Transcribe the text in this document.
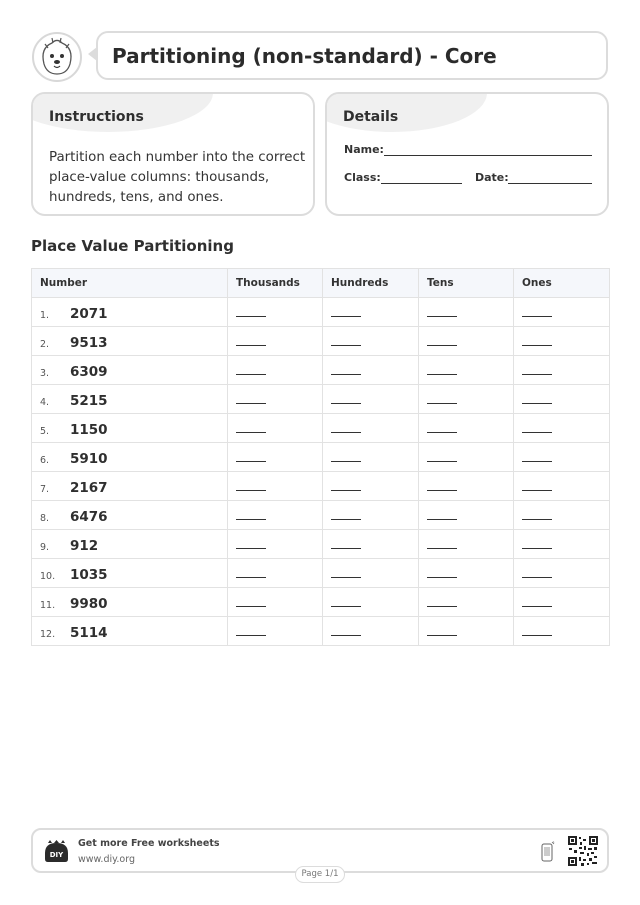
Partitioning (non-standard) - Core
Instructions
Partition each number into the correct place-value columns: thousands, hundreds, tens, and ones.
Details
Name:
Class:	Date:
Place Value Partitioning
Number	Thousands	Hundreds	Tens	Ones
1. 2071				
2. 9513				
3. 6309				
4. 5215				
5. 1150				
6. 5910				
7. 2167				
8. 6476				
9. 912				
10. 1035				
11. 9980				
12. 5114				
DIY
Get more Free worksheets
www.diy.org
Page 1/1
